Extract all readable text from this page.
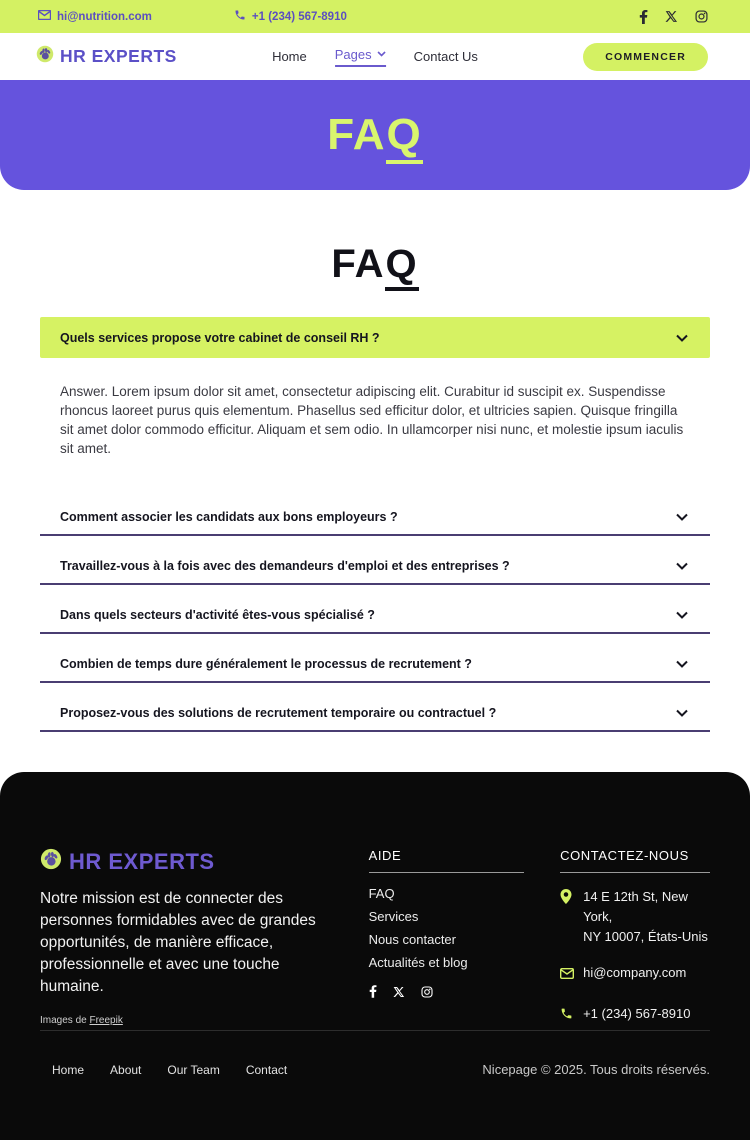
hi@nutrition.com	+1 (234) 567-8910
HR EXPERTS	Home Pages	Contact Us	COMMENCER
FAQ
FAQ
Quels services propose votre cabinet de conseil RH ?

Answer. Lorem ipsum dolor sit amet, consectetur adipiscing elit. Curabitur id suscipit ex. Suspendisse rhoncus laoreet purus quis elementum. Phasellus sed efficitur dolor, et ultricies sapien. Quisque fringilla sit amet dolor commodo efficitur. Aliquam et sem odio. In ullamcorper nisi nunc, et molestie ipsum iaculis sit amet.

Comment associer les candidats aux bons employeurs ?
Travaillez-vous à la fois avec des demandeurs d'emploi et des entreprises ?
Dans quels secteurs d'activité êtes-vous spécialisé ?
Combien de temps dure généralement le processus de recrutement ?
Proposez-vous des solutions de recrutement temporaire ou contractuel ?
HR EXPERTS

Notre mission est de connecter des personnes formidables avec de grandes opportunités, de manière efficace, professionnelle et avec une touche humaine.

Images de Freepik

AIDE
FAQ
Services
Nous contacter
Actualités et blog
CONTACTEZ-NOUS
14 E 12th St, New York,
NY 10007, États-Unis
hi@company.com
+1 (234) 567-8910
Home About Our Team Contact	Nicepage © 2025. Tous droits réservés.
